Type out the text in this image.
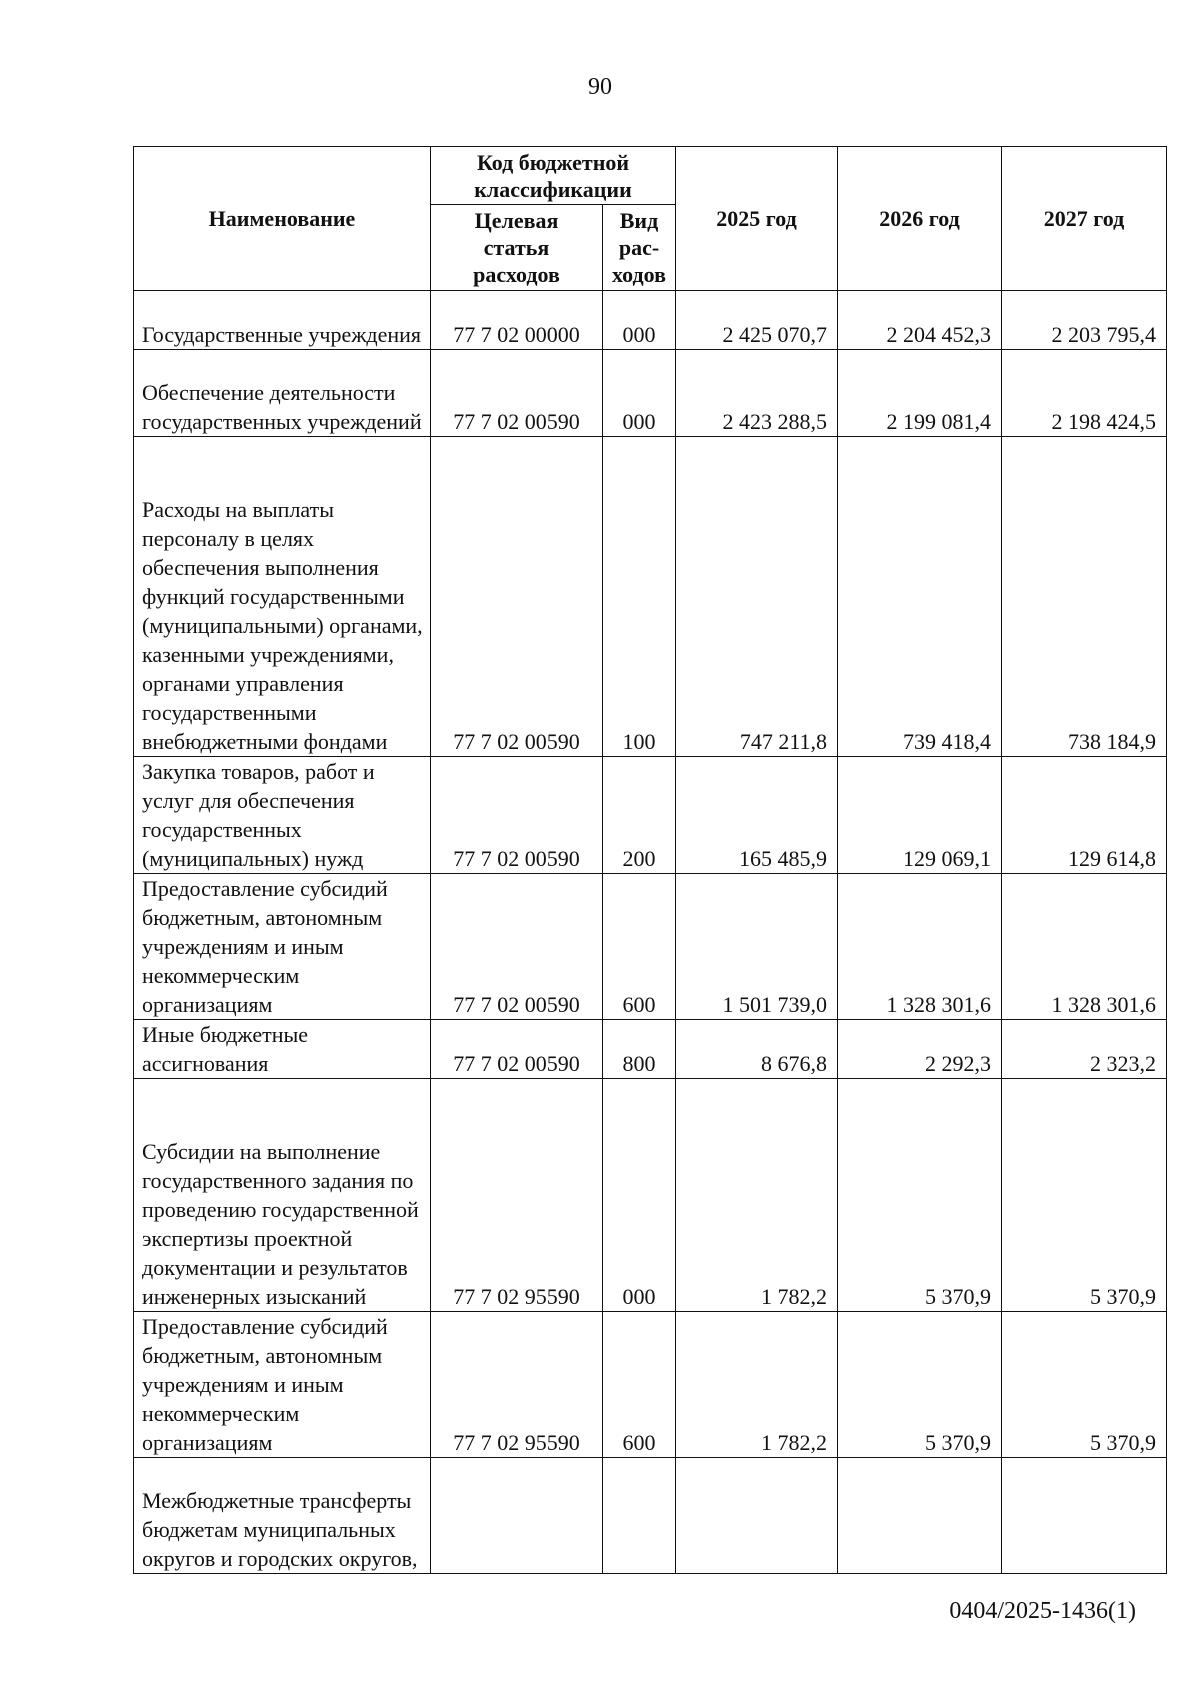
90
Наименование	Код бюджетной классификации		2025 год	2026 год	2027 год
	Целевая статья расходов	Вид рас-ходов			
Государственные учреждения	77 7 02 00000	000	2 425 070,7	2 204 452,3	2 203 795,4
Обеспечение деятельности государственных учреждений	77 7 02 00590	000	2 423 288,5	2 199 081,4	2 198 424,5
Расходы на выплаты персоналу в целях обеспечения выполнения функций государственными (муниципальными) органами, казенными учреждениями, органами управления государственными внебюджетными фондами	77 7 02 00590	100	747 211,8	739 418,4	738 184,9
Закупка товаров, работ и услуг для обеспечения государственных (муниципальных) нужд	77 7 02 00590	200	165 485,9	129 069,1	129 614,8
Предоставление субсидий бюджетным, автономным учреждениям и иным некоммерческим организациям	77 7 02 00590	600	1 501 739,0	1 328 301,6	1 328 301,6
Иные бюджетные ассигнования	77 7 02 00590	800	8 676,8	2 292,3	2 323,2
Субсидии на выполнение государственного задания по проведению государственной экспертизы проектной документации и результатов инженерных изысканий	77 7 02 95590	000	1 782,2	5 370,9	5 370,9
Предоставление субсидий бюджетным, автономным учреждениям и иным некоммерческим организациям	77 7 02 95590	600	1 782,2	5 370,9	5 370,9
Межбюджетные трансферты бюджетам муниципальных округов и городских округов,					
0404/2025-1436(1)
